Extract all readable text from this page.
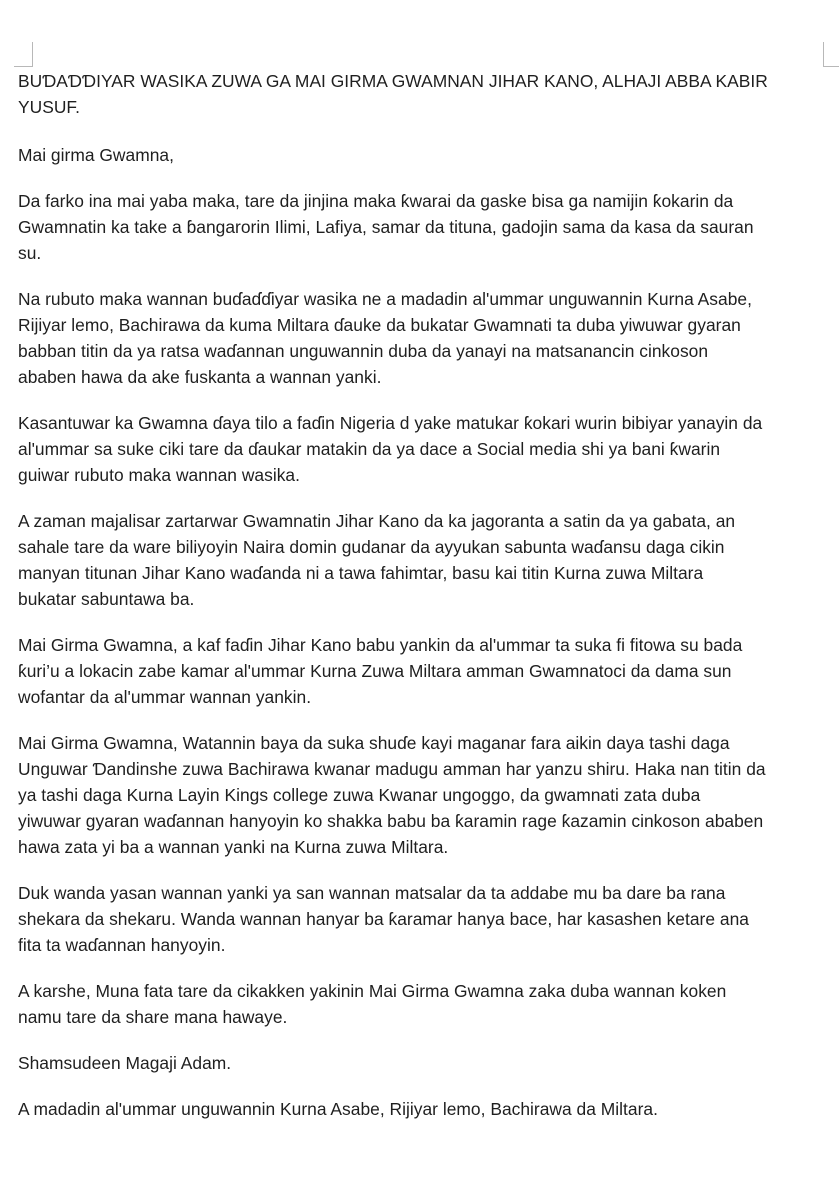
BUƊAƊƊIYAR WASIKA ZUWA GA MAI GIRMA GWAMNAN JIHAR KANO, ALHAJI ABBA KABIR
YUSUF.

Mai girma Gwamna,

Da farko ina mai yaba maka, tare da jinjina maka ƙwarai da gaske bisa ga namijin ƙokarin da
Gwamnatin ka take a ɓangarorin Ilimi, Lafiya, samar da tituna, gadojin sama da kasa da sauran
su.

Na rubuto maka wannan buɗaɗɗiyar wasika ne a madadin al'ummar unguwannin Kurna Asabe,
Rijiyar lemo, Bachirawa da kuma Miltara ɗauke da bukatar Gwamnati ta duba yiwuwar gyaran
babban titin da ya ratsa waɗannan unguwannin duba da yanayi na matsanancin cinkoson
ababen hawa da ake fuskanta a wannan yanki.

Kasantuwar ka Gwamna ɗaya tilo a faɗin Nigeria d yake matukar ƙokari wurin bibiyar yanayin da
al'ummar sa suke ciki tare da ɗaukar matakin da ya dace a Social media shi ya bani ƙwarin
guiwar rubuto maka wannan wasika.

A zaman majalisar zartarwar Gwamnatin Jihar Kano da ka jagoranta a satin da ya gabata, an
sahale tare da ware biliyoyin Naira domin gudanar da ayyukan sabunta waɗansu daga cikin
manyan titunan Jihar Kano waɗanda ni a tawa fahimtar, basu kai titin Kurna zuwa Miltara
bukatar sabuntawa ba.

Mai Girma Gwamna, a kaf faɗin Jihar Kano babu yankin da al'ummar ta suka fi fitowa su bada
ƙuri’u a lokacin zabe kamar al'ummar Kurna Zuwa Miltara amman Gwamnatoci da dama sun
wofantar da al'ummar wannan yankin.

Mai Girma Gwamna, Watannin baya da suka shuɗe kayi maganar fara aikin daya tashi daga
Unguwar Ɗandinshe zuwa Bachirawa kwanar madugu amman har yanzu shiru. Haka nan titin da
ya tashi daga Kurna Layin Kings college zuwa Kwanar ungoggo, da gwamnati zata duba
yiwuwar gyaran waɗannan hanyoyin ko shakka babu ba ƙaramin rage ƙazamin cinkoson ababen
hawa zata yi ba a wannan yanki na Kurna zuwa Miltara.

Duk wanda yasan wannan yanki ya san wannan matsalar da ta addabe mu ba dare ba rana
shekara da shekaru. Wanda wannan hanyar ba ƙaramar hanya bace, har kasashen ketare ana
fita ta waɗannan hanyoyin.

A karshe, Muna fata tare da cikakken yakinin Mai Girma Gwamna zaka duba wannan koken
namu tare da share mana hawaye.

Shamsudeen Magaji Adam.

A madadin al'ummar unguwannin Kurna Asabe, Rijiyar lemo, Bachirawa da Miltara.
